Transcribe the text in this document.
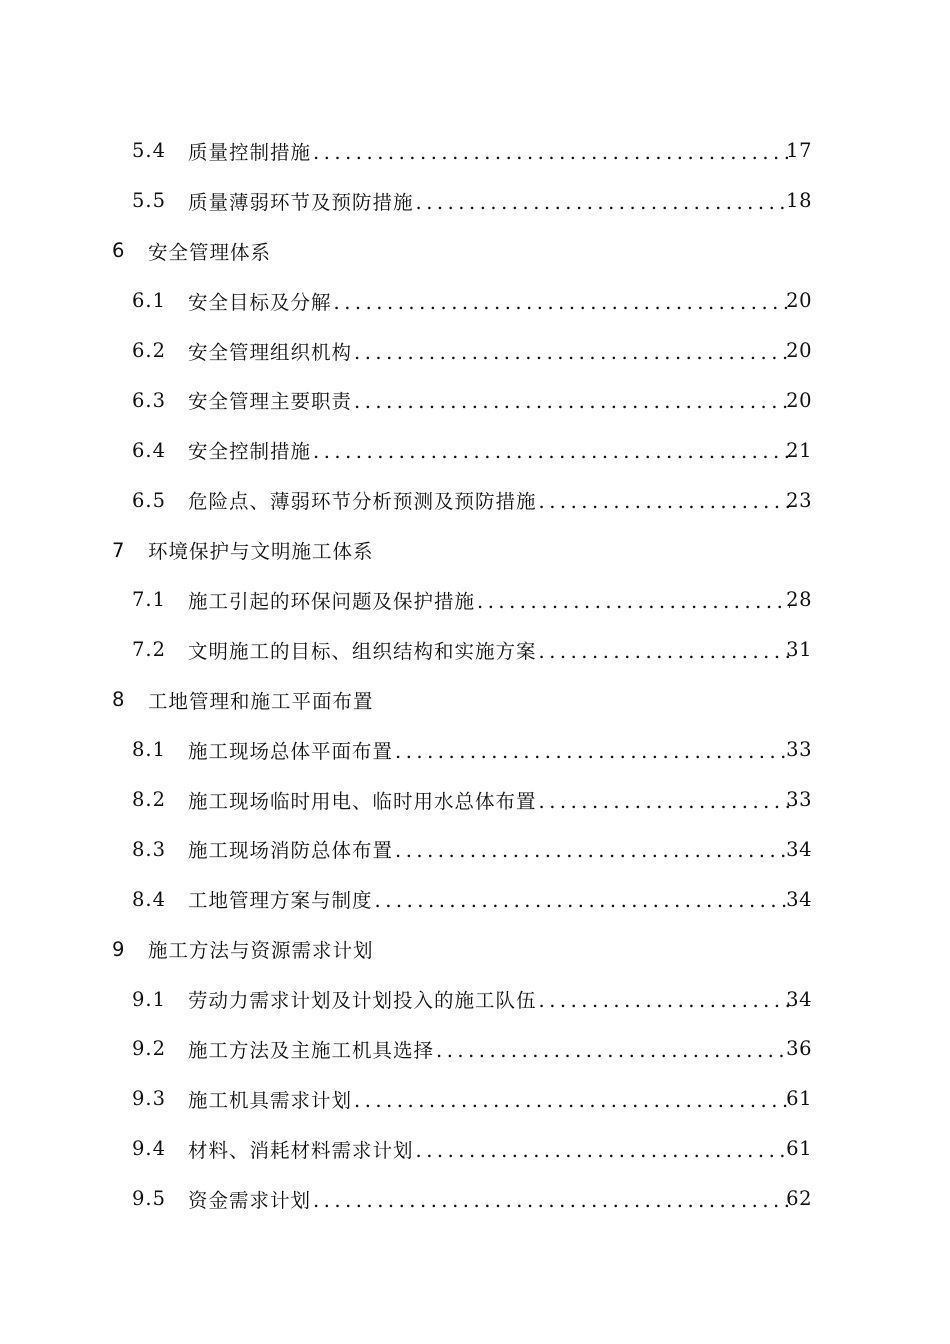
5.4	质量控制措施 .....	17
5.5	质量薄弱环节及预防措施 .....	18
6	安全管理体系
6.1	安全目标及分解 .....	20
6.2	安全管理组织机构 .....	20
6.3	安全管理主要职责 .....	20
6.4	安全控制措施 .....	21
6.5	危险点、薄弱环节分析预测及预防措施 .....	23
7	环境保护与文明施工体系
7.1	施工引起的环保问题及保护措施 .....	28
7.2	文明施工的目标、组织结构和实施方案 .....	31
8	工地管理和施工平面布置
8.1	施工现场总体平面布置 .....	33
8.2	施工现场临时用电、临时用水总体布置 .....	33
8.3	施工现场消防总体布置 .....	34
8.4	工地管理方案与制度 .....	34
9	施工方法与资源需求计划
9.1	劳动力需求计划及计划投入的施工队伍 .....	34
9.2	施工方法及主施工机具选择 .....	36
9.3	施工机具需求计划 .....	61
9.4	材料、消耗材料需求计划 .....	61
9.5	资金需求计划 .....	62
